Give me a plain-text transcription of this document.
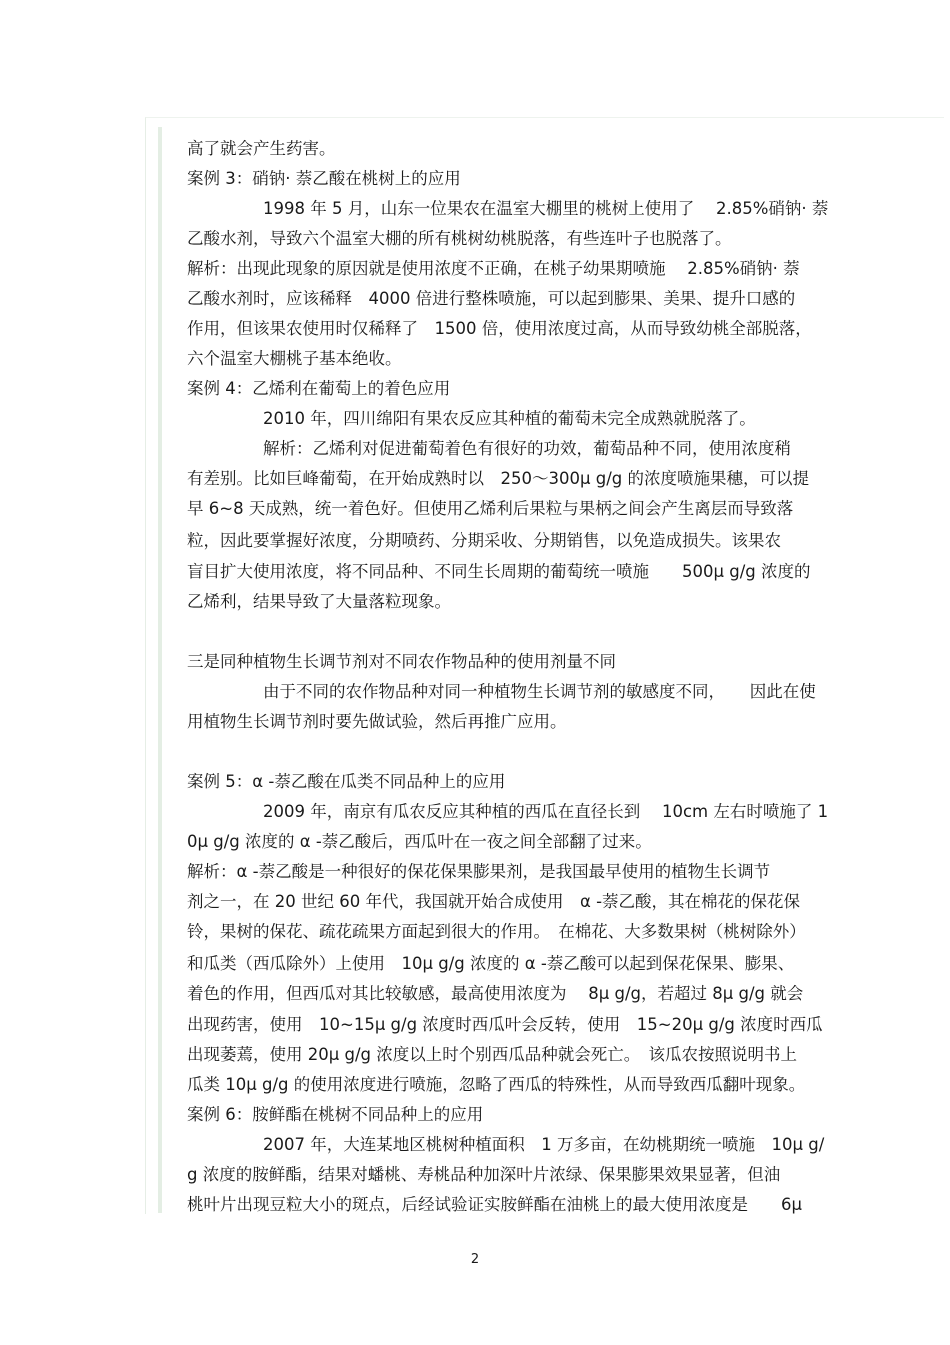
高了就会产生药害。
案例 3：硝钠· 萘乙酸在桃树上的应用
1998 年 5 月，山东一位果农在温室大棚里的桃树上使用了　 2.85%硝钠· 萘
乙酸水剂，导致六个温室大棚的所有桃树幼桃脱落，有些连叶子也脱落了。
解析：出现此现象的原因就是使用浓度不正确，在桃子幼果期喷施　 2.85%硝钠· 萘
乙酸水剂时，应该稀释　4000 倍进行整株喷施，可以起到膨果、美果、提升口感的
作用，但该果农使用时仅稀释了　1500 倍，使用浓度过高，从而导致幼桃全部脱落，
六个温室大棚桃子基本绝收。
案例 4：乙烯利在葡萄上的着色应用
2010 年，四川绵阳有果农反应其种植的葡萄未完全成熟就脱落了。
解析：乙烯利对促进葡萄着色有很好的功效，葡萄品种不同，使用浓度稍
有差别。比如巨峰葡萄，在开始成熟时以　250～300μ g/g 的浓度喷施果穗，可以提
早 6~8 天成熟，统一着色好。但使用乙烯利后果粒与果柄之间会产生离层而导致落
粒，因此要掌握好浓度，分期喷药、分期采收、分期销售，以免造成损失。该果农
盲目扩大使用浓度，将不同品种、不同生长周期的葡萄统一喷施　　500μ g/g 浓度的
乙烯利，结果导致了大量落粒现象。
三是同种植物生长调节剂对不同农作物品种的使用剂量不同
由于不同的农作物品种对同一种植物生长调节剂的敏感度不同，　　因此在使
用植物生长调节剂时要先做试验，然后再推广应用。
案例 5：α -萘乙酸在瓜类不同品种上的应用
2009 年，南京有瓜农反应其种植的西瓜在直径长到　 10cm 左右时喷施了 1
0μ g/g 浓度的 α -萘乙酸后，西瓜叶在一夜之间全部翻了过来。
解析：α -萘乙酸是一种很好的保花保果膨果剂，是我国最早使用的植物生长调节
剂之一，在 20 世纪 60 年代，我国就开始合成使用　α -萘乙酸，其在棉花的保花保
铃，果树的保花、疏花疏果方面起到很大的作用。　在棉花、大多数果树（桃树除外）
和瓜类（西瓜除外）上使用　10μ g/g 浓度的 α -萘乙酸可以起到保花保果、膨果、
着色的作用，但西瓜对其比较敏感，最高使用浓度为　 8μ g/g，若超过 8μ g/g 就会
出现药害，使用　10~15μ g/g 浓度时西瓜叶会反转，使用　15~20μ g/g 浓度时西瓜
出现萎蔫，使用 20μ g/g 浓度以上时个别西瓜品种就会死亡。　该瓜农按照说明书上
瓜类 10μ g/g 的使用浓度进行喷施，忽略了西瓜的特殊性，从而导致西瓜翻叶现象。
案例 6：胺鲜酯在桃树不同品种上的应用
2007 年，大连某地区桃树种植面积　1 万多亩，在幼桃期统一喷施　10μ g/
g 浓度的胺鲜酯，结果对蟠桃、寿桃品种加深叶片浓绿、保果膨果效果显著，但油
桃叶片出现豆粒大小的斑点，后经试验证实胺鲜酯在油桃上的最大使用浓度是　　6μ
2
